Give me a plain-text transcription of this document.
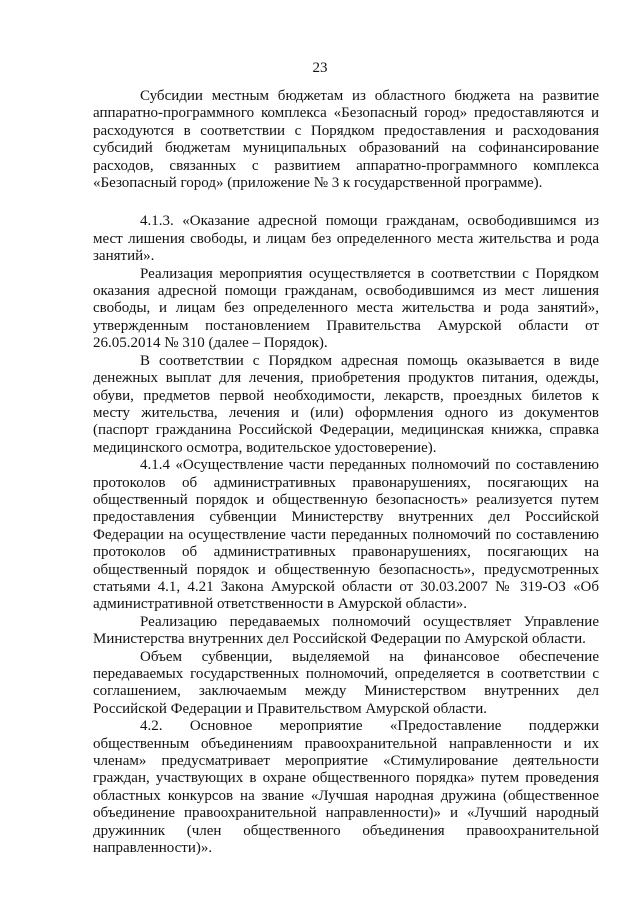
23

Субсидии местным бюджетам из областного бюджета на развитие аппаратно-программного комплекса «Безопасный город» предоставляются и расходуются в соответствии с Порядком предоставления и расходования субсидий бюджетам муниципальных образований на софинансирование расходов, связанных с развитием аппаратно-программного комплекса «Безопасный город» (приложение № 3 к государственной программе).

4.1.3. «Оказание адресной помощи гражданам, освободившимся из мест лишения свободы, и лицам без определенного места жительства и рода занятий».

Реализация мероприятия осуществляется в соответствии с Порядком оказания адресной помощи гражданам, освободившимся из мест лишения свободы, и лицам без определенного места жительства и рода занятий», утвержденным постановлением Правительства Амурской области от 26.05.2014 № 310 (далее – Порядок).

В соответствии с Порядком адресная помощь оказывается в виде денежных выплат для лечения, приобретения продуктов питания, одежды, обуви, предметов первой необходимости, лекарств, проездных билетов к месту жительства, лечения и (или) оформления одного из документов (паспорт гражданина Российской Федерации, медицинская книжка, справка медицинского осмотра, водительское удостоверение).

4.1.4 «Осуществление части переданных полномочий по составлению протоколов об административных правонарушениях, посягающих на общественный порядок и общественную безопасность» реализуется путем предоставления субвенции Министерству внутренних дел Российской Федерации на осуществление части переданных полномочий по составлению протоколов об административных правонарушениях, посягающих на общественный порядок и общественную безопасность», предусмотренных статьями 4.1, 4.21 Закона Амурской области от 30.03.2007 № 319-ОЗ «Об административной ответственности в Амурской области».

Реализацию передаваемых полномочий осуществляет Управление Министерства внутренних дел Российской Федерации по Амурской области.

Объем субвенции, выделяемой на финансовое обеспечение передаваемых государственных полномочий, определяется в соответствии с соглашением, заключаемым между Министерством внутренних дел Российской Федерации и Правительством Амурской области.

4.2. Основное мероприятие «Предоставление поддержки общественным объединениям правоохранительной направленности и их членам» предусматривает мероприятие «Стимулирование деятельности граждан, участвующих в охране общественного порядка» путем проведения областных конкурсов на звание «Лучшая народная дружина (общественное объединение правоохранительной направленности)» и «Лучший народный дружинник (член общественного объединения правоохранительной направленности)».
